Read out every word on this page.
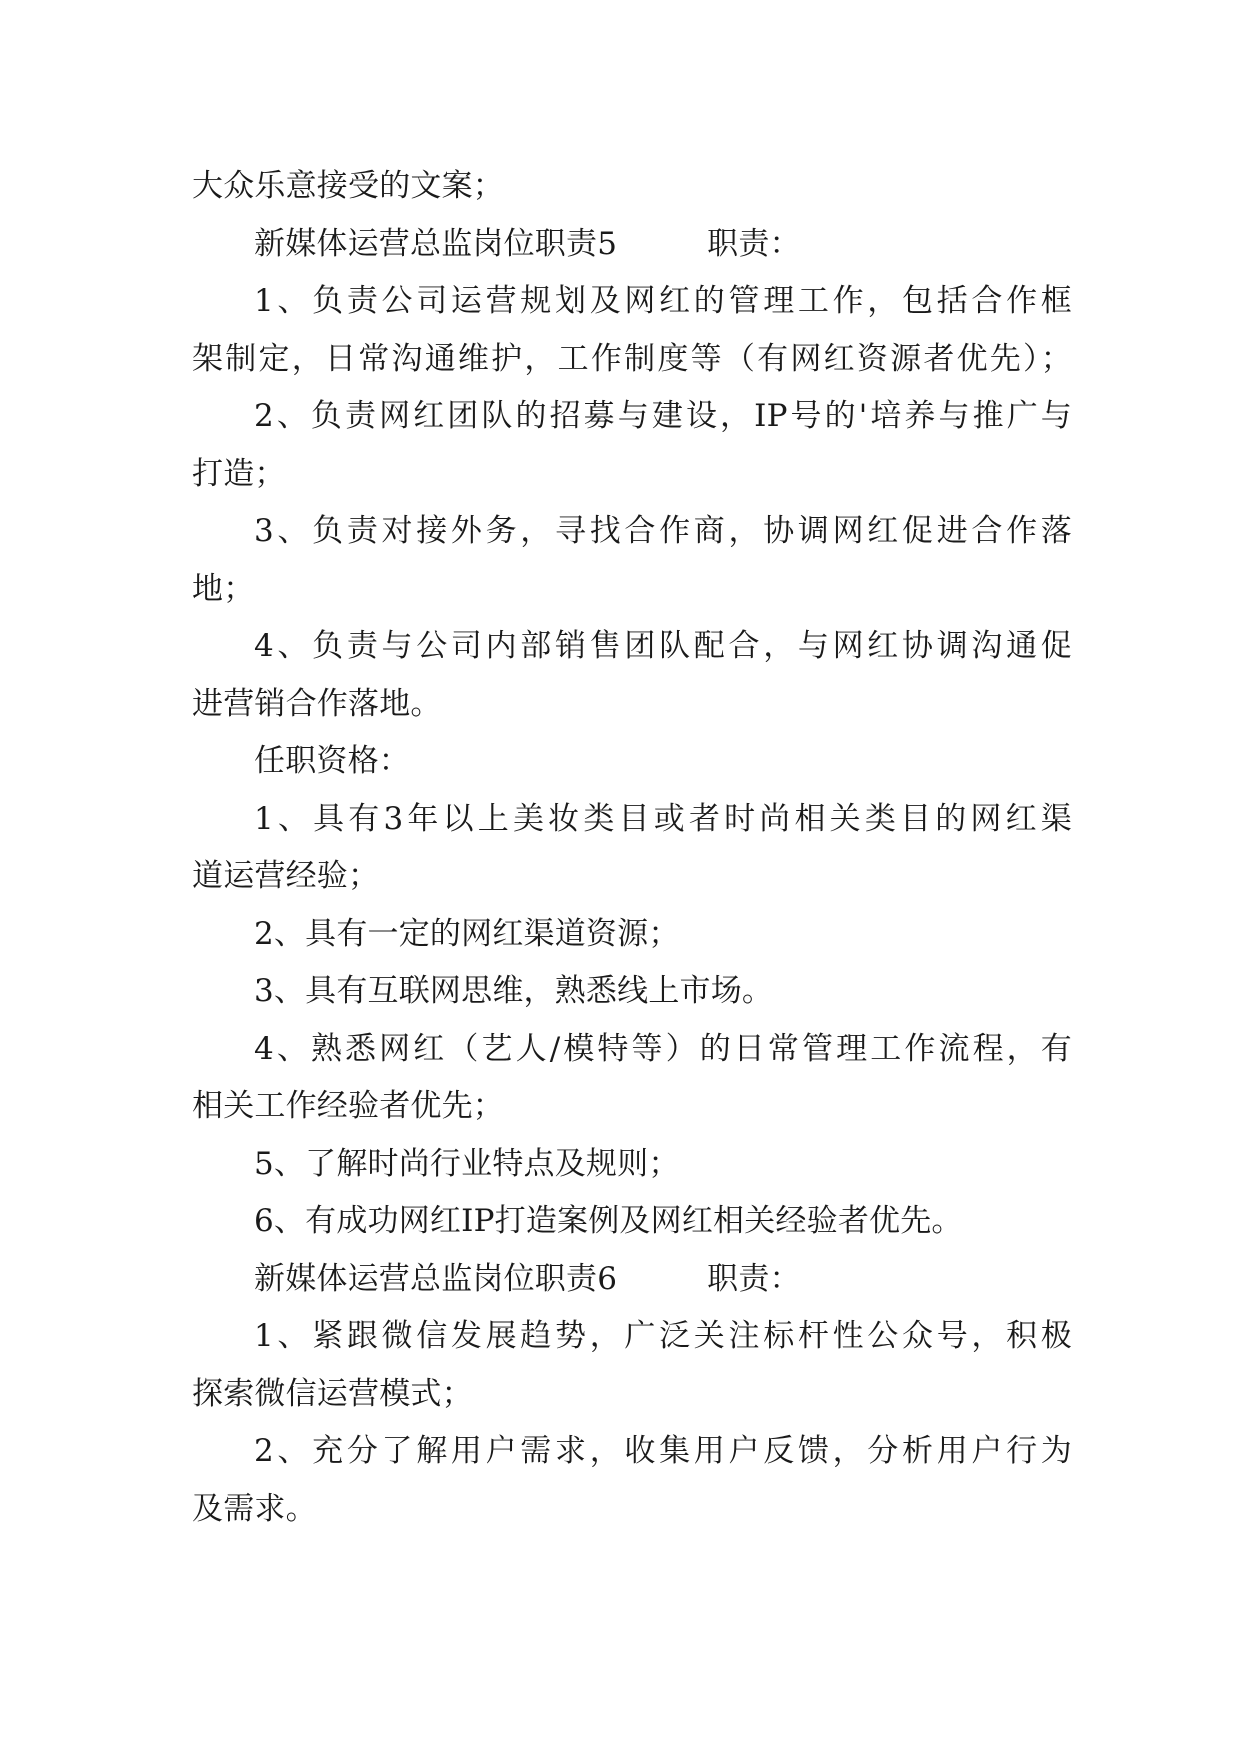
大众乐意接受的文案；
新媒体运营总监岗位职责5	职责：
1、负责公司运营规划及网红的管理工作，包括合作框
架制定，日常沟通维护，工作制度等（有网红资源者优先）；
2、负责网红团队的招募与建设，IP号的'培养与推广与
打造；
3、负责对接外务，寻找合作商，协调网红促进合作落
地；
4、负责与公司内部销售团队配合，与网红协调沟通促
进营销合作落地。
任职资格：
1、具有3年以上美妆类目或者时尚相关类目的网红渠
道运营经验；
2、具有一定的网红渠道资源；
3、具有互联网思维，熟悉线上市场。
4、熟悉网红（艺人/模特等）的日常管理工作流程，有
相关工作经验者优先；
5、了解时尚行业特点及规则；
6、有成功网红IP打造案例及网红相关经验者优先。
新媒体运营总监岗位职责6	职责：
1、紧跟微信发展趋势，广泛关注标杆性公众号，积极
探索微信运营模式；
2、充分了解用户需求，收集用户反馈，分析用户行为
及需求。
